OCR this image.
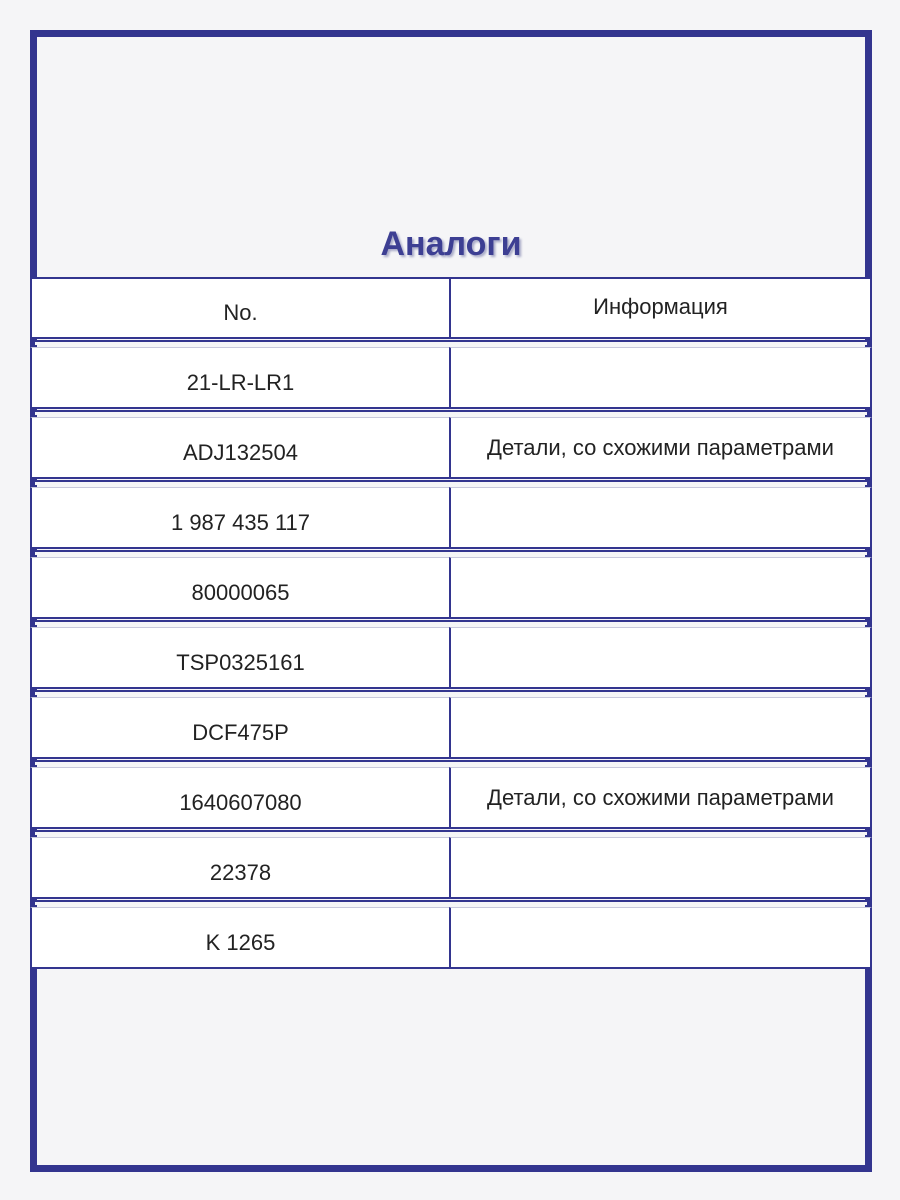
Аналоги
No.	Информация
21-LR-LR1
ADJ132504	Детали, со схожими параметрами
1 987 435 117
80000065
TSP0325161
DCF475P
1640607080	Детали, со схожими параметрами
22378
K 1265
